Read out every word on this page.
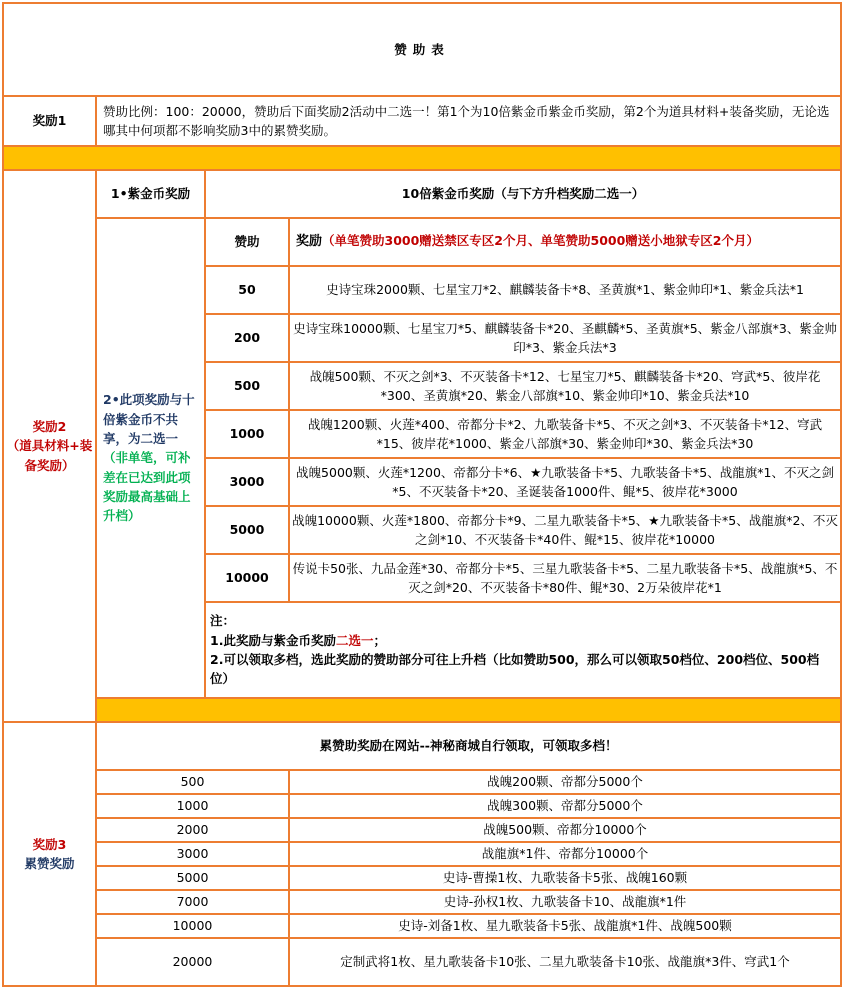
赞助表			
奖励1	赞助比例：100：20000，赞助后下面奖励2活动中二选一！第1个为10倍紫金币紫金币奖励，第2个为道具材料+装备奖励，无论选哪其中何项都不影响奖励3中的累赞奖励。		

奖励2
（道具材料+装备奖励）	1•紫金币奖励	10倍紫金币奖励（与下方升档奖励二选一）	
	2•此项奖励与十倍紫金币不共享，为二选一（非单笔，可补差在已达到此项奖励最高基础上升档）	赞助	奖励（单笔赞助3000赠送禁区专区2个月、单笔赞助5000赠送小地狱专区2个月）
		50	史诗宝珠2000颗、七星宝刀*2、麒麟装备卡*8、圣黄旗*1、紫金帅印*1、紫金兵法*1
		200	史诗宝珠10000颗、七星宝刀*5、麒麟装备卡*20、圣麒麟*5、圣黄旗*5、紫金八部旗*3、紫金帅印*3、紫金兵法*3
		500	战魄500颗、不灭之剑*3、不灭装备卡*12、七星宝刀*5、麒麟装备卡*20、穹武*5、彼岸花*300、圣黄旗*20、紫金八部旗*10、紫金帅印*10、紫金兵法*10
		1000	战魄1200颗、火莲*400、帝都分卡*2、九歌装备卡*5、不灭之剑*3、不灭装备卡*12、穹武*15、彼岸花*1000、紫金八部旗*30、紫金帅印*30、紫金兵法*30
		3000	战魄5000颗、火莲*1200、帝都分卡*6、★九歌装备卡*5、九歌装备卡*5、战龍旗*1、不灭之剑*5、不灭装备卡*20、圣诞装备1000件、鲲*5、彼岸花*3000
		5000	战魄10000颗、火莲*1800、帝都分卡*9、二星九歌装备卡*5、★九歌装备卡*5、战龍旗*2、不灭之剑*10、不灭装备卡*40件、鲲*15、彼岸花*10000
		10000	传说卡50张、九品金莲*30、帝都分卡*5、三星九歌装备卡*5、二星九歌装备卡*5、战龍旗*5、不灭之剑*20、不灭装备卡*80件、鲲*30、2万朵彼岸花*1
		注：
1.此奖励与紫金币奖励二选一；
2.可以领取多档，选此奖励的赞助部分可往上升档（比如赞助500，那么可以领取50档位、200档位、500档位）	

奖励3
累赞奖励	累赞助奖励在网站--神秘商城自行领取，可领取多档！		
	500		战魄200颗、帝都分5000个
	1000		战魄300颗、帝都分5000个
	2000		战魄500颗、帝都分10000个
	3000		战龍旗*1件、帝都分10000个
	5000		史诗-曹操1枚、九歌装备卡5张、战魄160颗
	7000		史诗-孙权1枚、九歌装备卡10、战龍旗*1件
	10000		史诗-刘备1枚、星九歌装备卡5张、战龍旗*1件、战魄500颗
	20000		定制武将1枚、星九歌装备卡10张、二星九歌装备卡10张、战龍旗*3件、穹武1个
